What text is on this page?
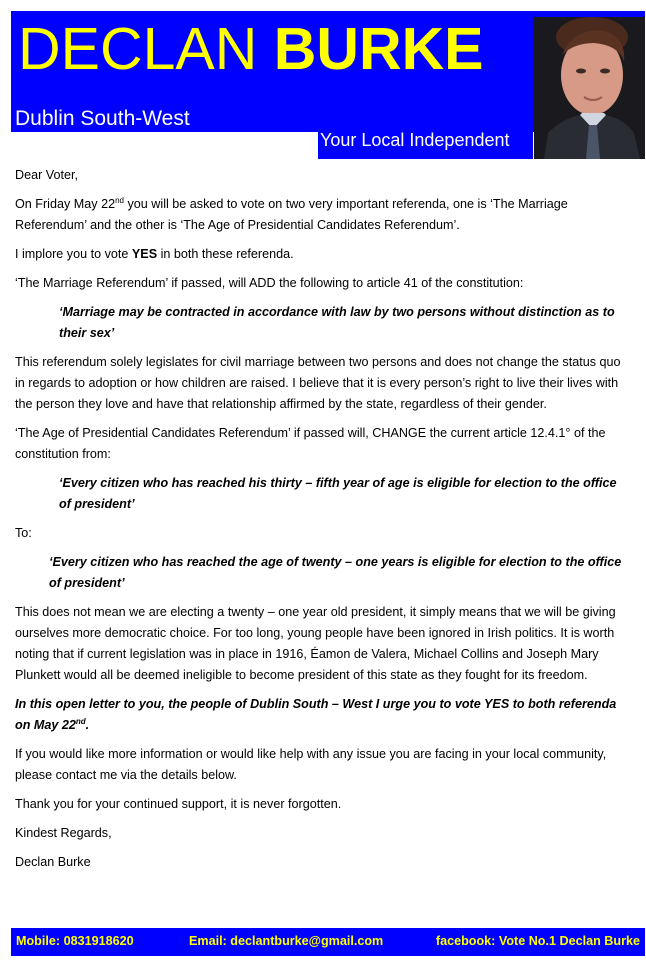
DECLAN BURKE
Dublin South-West
Your Local Independent

Dear Voter,

On Friday May 22nd you will be asked to vote on two very important referenda, one is ‘The Marriage Referendum’ and the other is ‘The Age of Presidential Candidates Referendum’.

I implore you to vote YES in both these referenda.

‘The Marriage Referendum’ if passed, will ADD the following to article 41 of the constitution:

‘Marriage may be contracted in accordance with law by two persons without distinction as to their sex’

This referendum solely legislates for civil marriage between two persons and does not change the status quo in regards to adoption or how children are raised. I believe that it is every person’s right to live their lives with the person they love and have that relationship affirmed by the state, regardless of their gender.

‘The Age of Presidential Candidates Referendum’ if passed will, CHANGE the current article 12.4.1° of the constitution from:

‘Every citizen who has reached his thirty – fifth year of age is eligible for election to the office of president’

To:

‘Every citizen who has reached the age of twenty – one years is eligible for election to the office of president’

This does not mean we are electing a twenty – one year old president, it simply means that we will be giving ourselves more democratic choice. For too long, young people have been ignored in Irish politics. It is worth noting that if current legislation was in place in 1916, Éamon de Valera, Michael Collins and Joseph Mary Plunkett would all be deemed ineligible to become president of this state as they fought for its freedom.

In this open letter to you, the people of Dublin South – West I urge you to vote YES to both referenda on May 22nd.

If you would like more information or would like help with any issue you are facing in your local community, please contact me via the details below.

Thank you for your continued support, it is never forgotten.

Kindest Regards,

Declan Burke

Mobile: 0831918620	Email: declantburke@gmail.com	facebook: Vote No.1 Declan Burke
